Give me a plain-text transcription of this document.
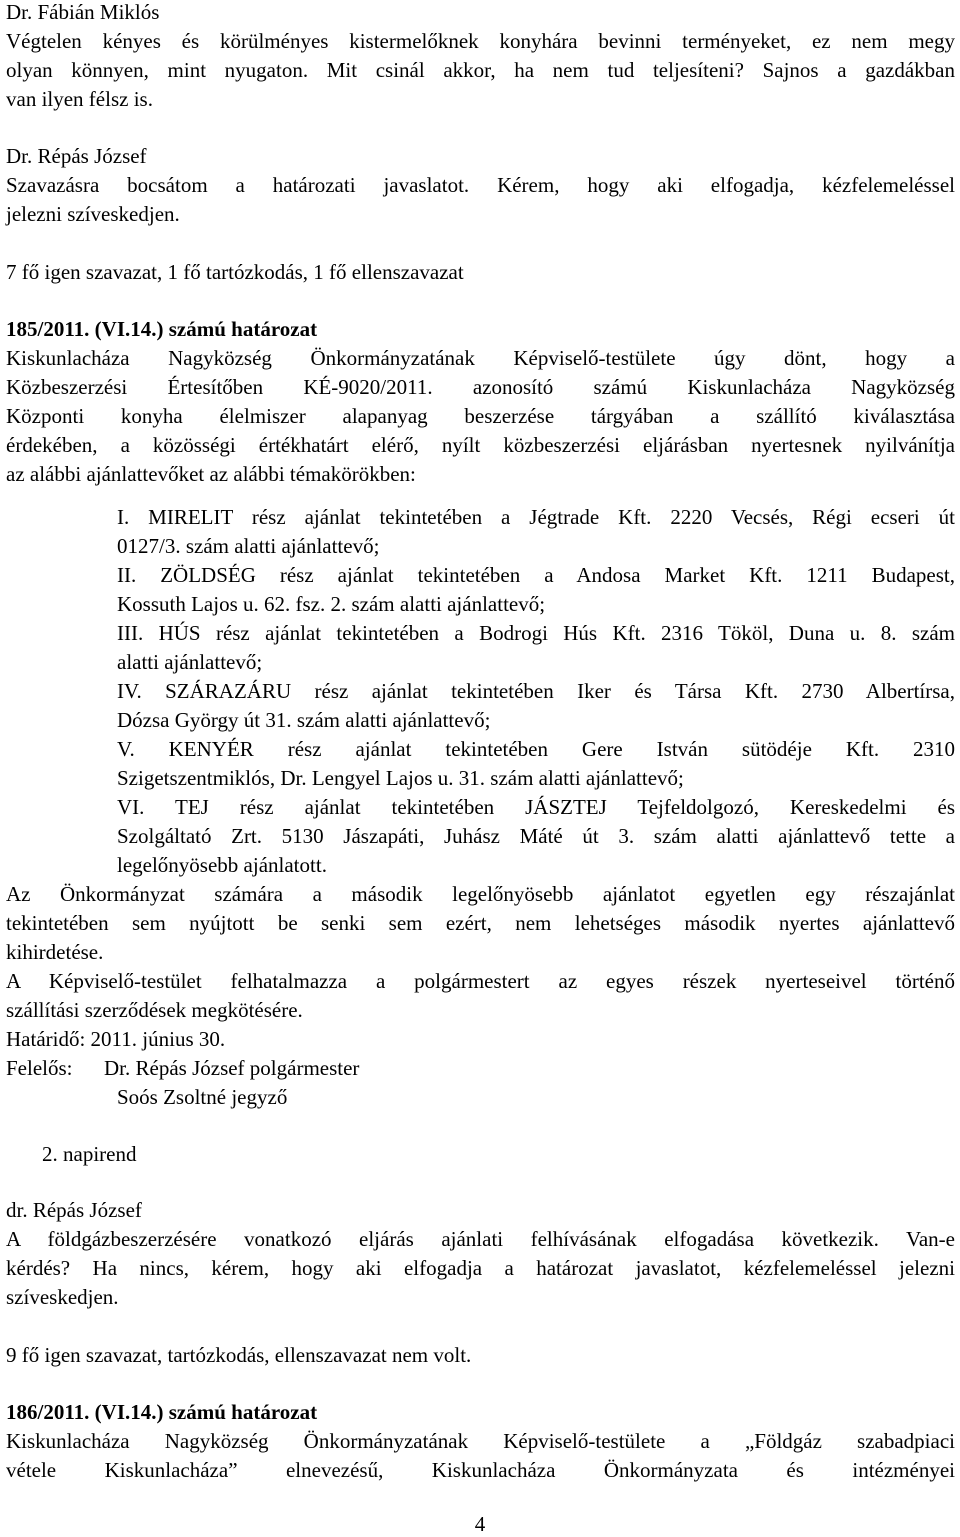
Dr. Fábián Miklós
Végtelen kényes és körülményes kistermelőknek konyhára bevinni terményeket, ez nem megy
olyan könnyen, mint nyugaton. Mit csinál akkor, ha nem tud teljesíteni? Sajnos a gazdákban
van ilyen félsz is.
Dr. Répás József
Szavazásra bocsátom a határozati javaslatot. Kérem, hogy aki elfogadja, kézfelemeléssel
jelezni szíveskedjen.
7 fő igen szavazat, 1 fő tartózkodás, 1 fő ellenszavazat
185/2011. (VI.14.) számú határozat
Kiskunlacháza Nagyközség Önkormányzatának Képviselő-testülete úgy dönt, hogy a
Közbeszerzési Értesítőben KÉ-9020/2011. azonosító számú Kiskunlacháza Nagyközség
Központi konyha élelmiszer alapanyag beszerzése tárgyában a szállító kiválasztása
érdekében, a közösségi értékhatárt elérő, nyílt közbeszerzési eljárásban nyertesnek nyilvánítja
az alábbi ajánlattevőket az alábbi témakörökben:
I. MIRELIT rész ajánlat tekintetében a Jégtrade Kft. 2220 Vecsés, Régi ecseri út
0127/3. szám alatti ajánlattevő;
II. ZÖLDSÉG rész ajánlat tekintetében a Andosa Market Kft. 1211 Budapest,
Kossuth Lajos u. 62. fsz. 2. szám alatti ajánlattevő;
III. HÚS rész ajánlat tekintetében a Bodrogi Hús Kft. 2316 Tököl, Duna u. 8. szám
alatti ajánlattevő;
IV. SZÁRAZÁRU rész ajánlat tekintetében Iker és Társa Kft. 2730 Albertírsa,
Dózsa György út 31. szám alatti ajánlattevő;
V. KENYÉR rész ajánlat tekintetében Gere István sütödéje Kft. 2310
Szigetszentmiklós, Dr. Lengyel Lajos u. 31. szám alatti ajánlattevő;
VI. TEJ rész ajánlat tekintetében JÁSZTEJ Tejfeldolgozó, Kereskedelmi és
Szolgáltató Zrt. 5130 Jászapáti, Juhász Máté út 3. szám alatti ajánlattevő tette a
legelőnyösebb ajánlatott.
Az Önkormányzat számára a második legelőnyösebb ajánlatot egyetlen egy részajánlat
tekintetében sem nyújtott be senki sem ezért, nem lehetséges második nyertes ajánlattevő
kihirdetése.
A Képviselő-testület felhatalmazza a polgármestert az egyes részek nyerteseivel történő
szállítási szerződések megkötésére.
Határidő: 2011. június 30.
Felelős: Dr. Répás József polgármester
Soós Zsoltné jegyző
2. napirend
dr. Répás József
A földgázbeszerzésére vonatkozó eljárás ajánlati felhívásának elfogadása következik. Van-e
kérdés? Ha nincs, kérem, hogy aki elfogadja a határozat javaslatot, kézfelemeléssel jelezni
szíveskedjen.
9 fő igen szavazat, tartózkodás, ellenszavazat nem volt.
186/2011. (VI.14.) számú határozat
Kiskunlacháza Nagyközség Önkormányzatának Képviselő-testülete a „Földgáz szabadpiaci
vétele Kiskunlacháza” elnevezésű, Kiskunlacháza Önkormányzata és intézményei
4
